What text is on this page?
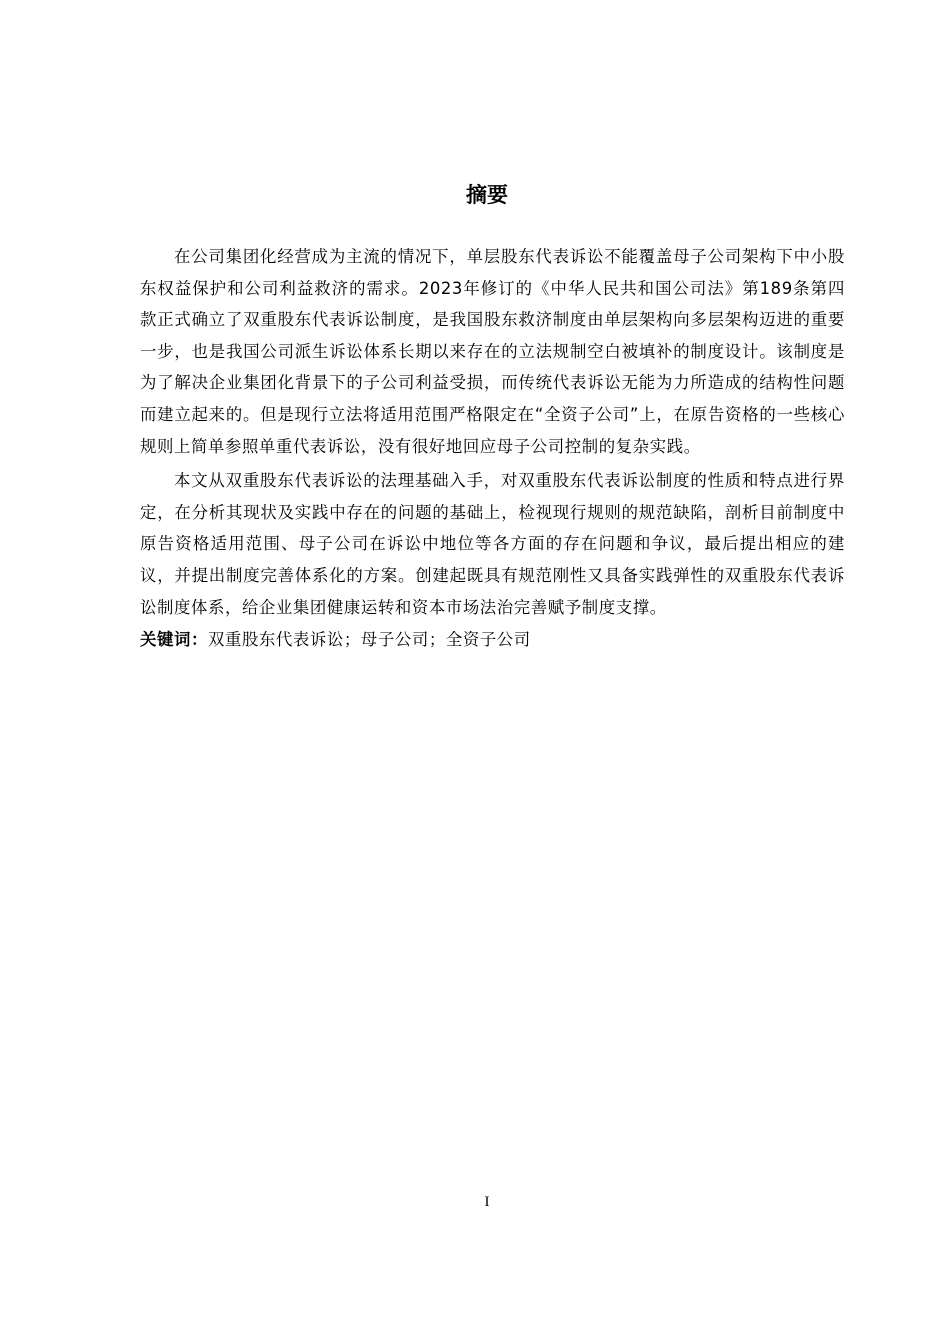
摘要

在公司集团化经营成为主流的情况下，单层股东代表诉讼不能覆盖母子公司架构下中小股东权益保护和公司利益救济的需求。2023年修订的《中华人民共和国公司法》第189条第四款正式确立了双重股东代表诉讼制度，是我国股东救济制度由单层架构向多层架构迈进的重要一步，也是我国公司派生诉讼体系长期以来存在的立法规制空白被填补的制度设计。该制度是为了解决企业集团化背景下的子公司利益受损，而传统代表诉讼无能为力所造成的结构性问题而建立起来的。但是现行立法将适用范围严格限定在“全资子公司”上，在原告资格的一些核心规则上简单参照单重代表诉讼，没有很好地回应母子公司控制的复杂实践。

本文从双重股东代表诉讼的法理基础入手，对双重股东代表诉讼制度的性质和特点进行界定，在分析其现状及实践中存在的问题的基础上，检视现行规则的规范缺陷，剖析目前制度中原告资格适用范围、母子公司在诉讼中地位等各方面的存在问题和争议，最后提出相应的建议，并提出制度完善体系化的方案。创建起既具有规范刚性又具备实践弹性的双重股东代表诉讼制度体系，给企业集团健康运转和资本市场法治完善赋予制度支撑。

关键词：双重股东代表诉讼；母子公司；全资子公司

I
